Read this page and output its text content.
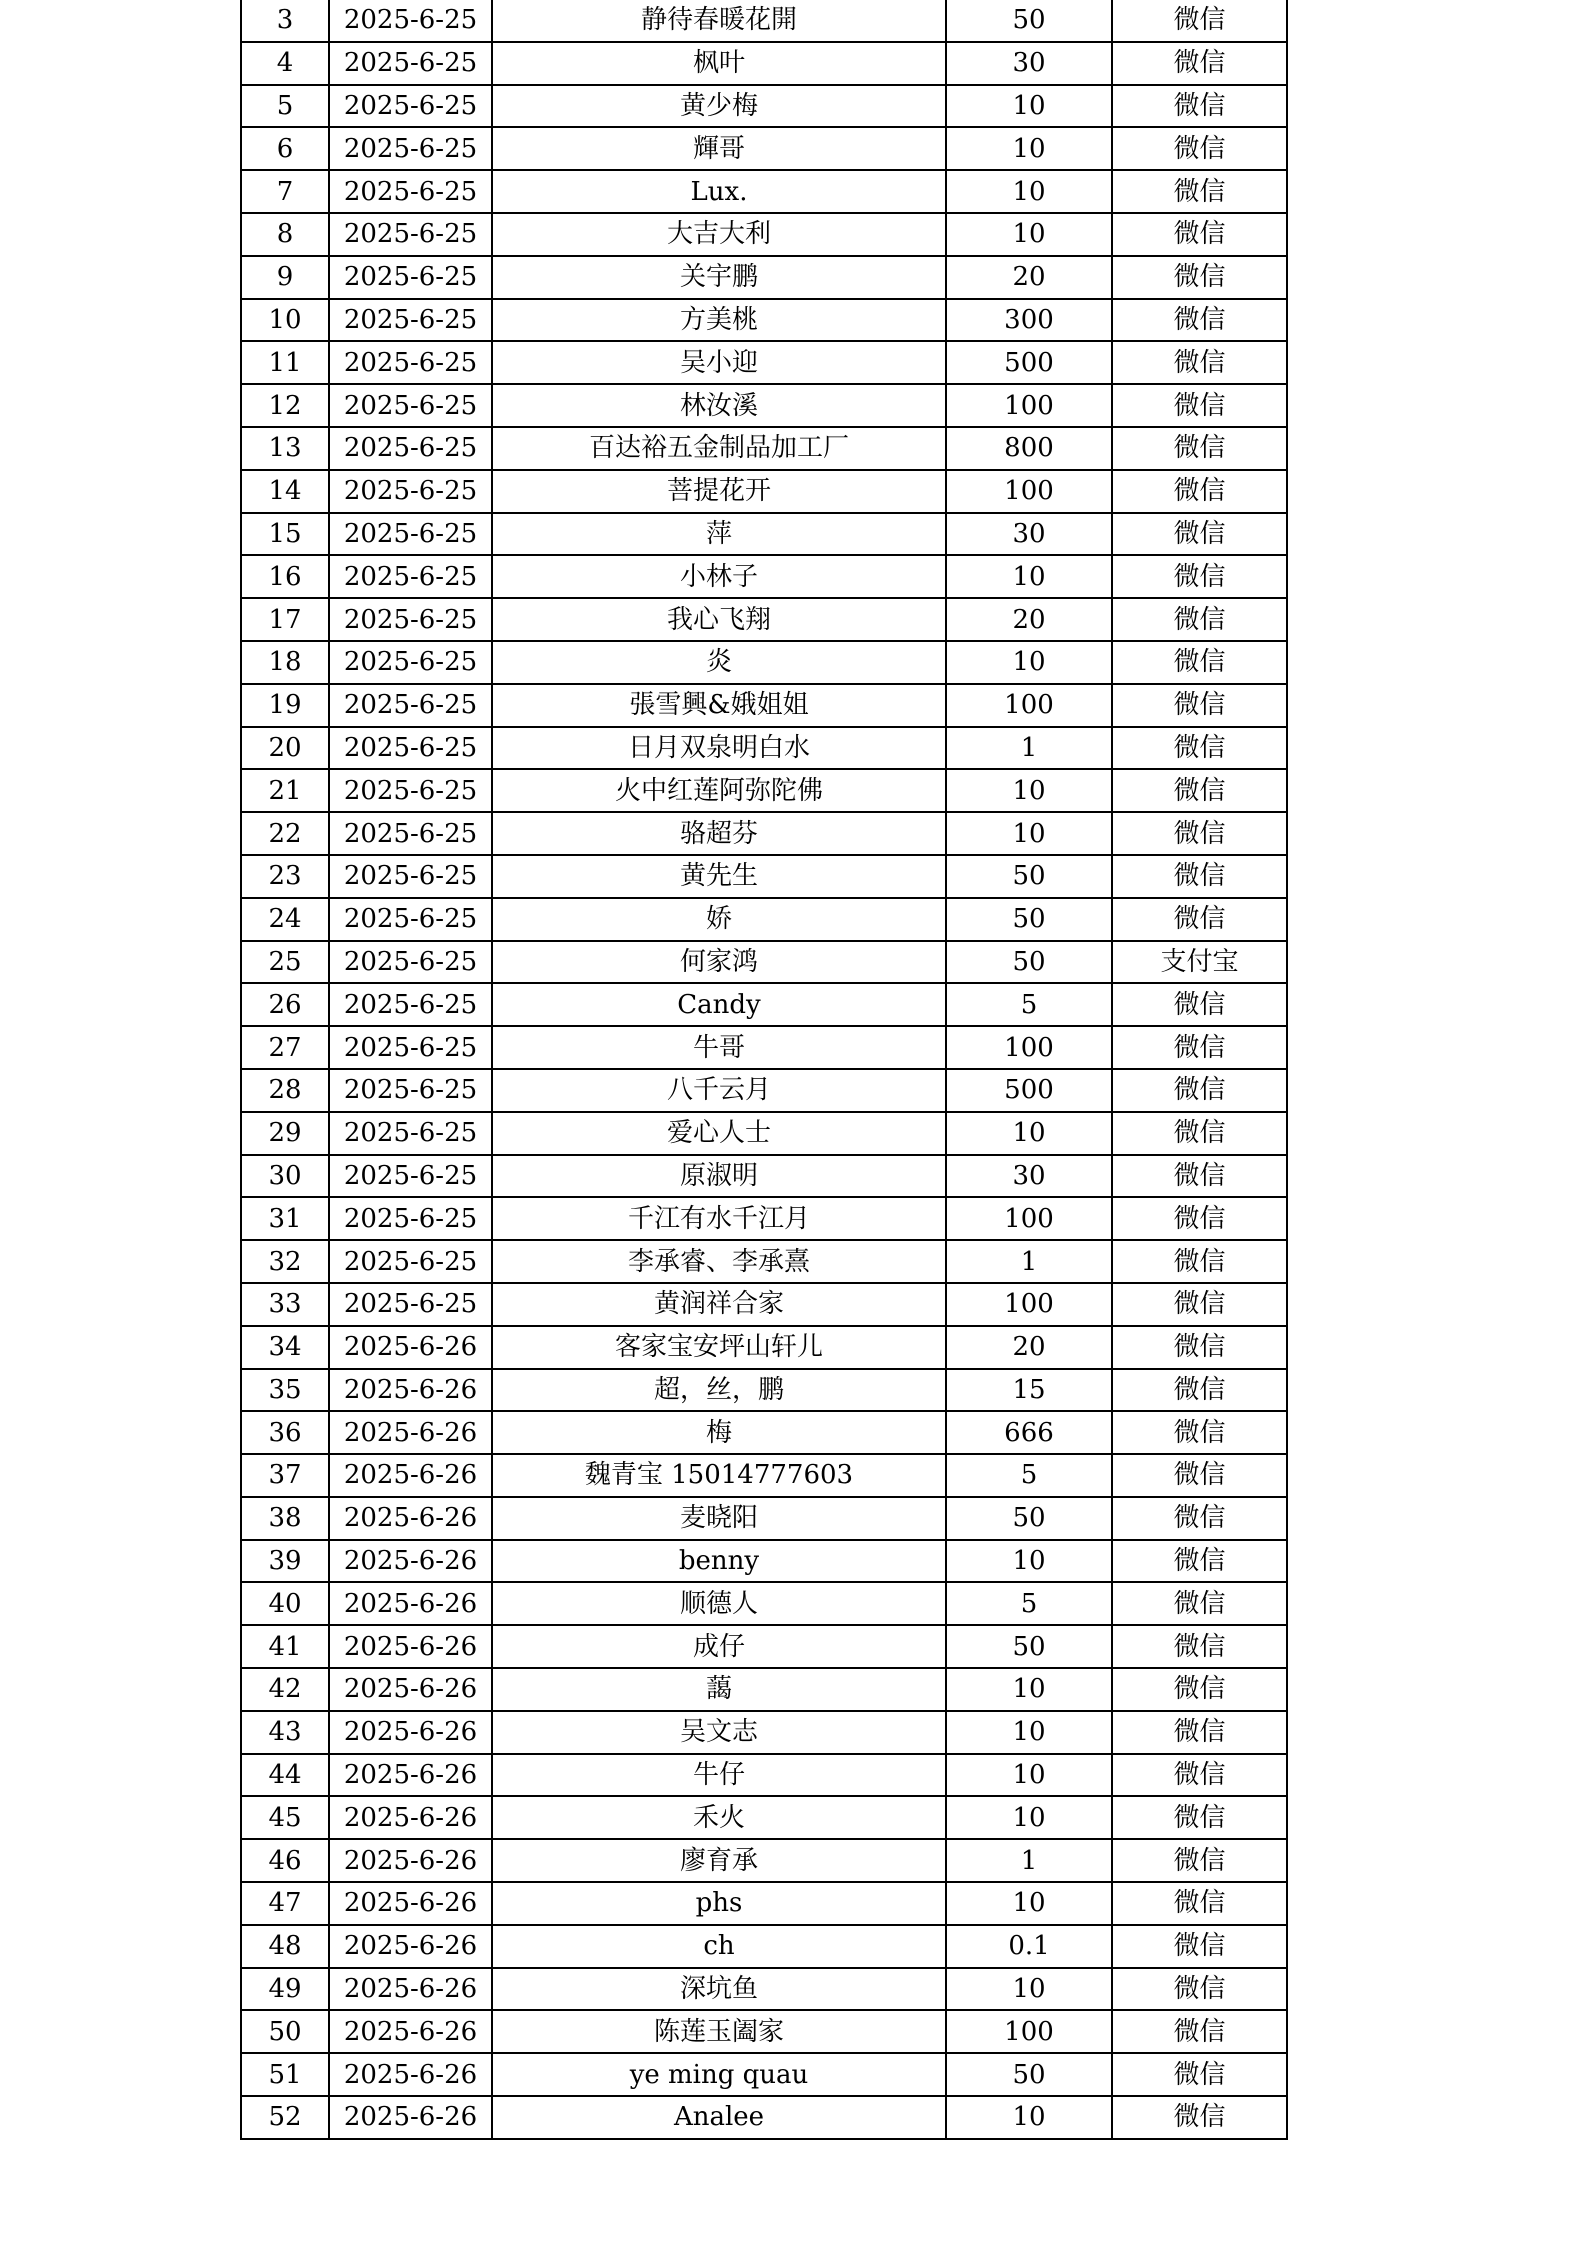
3	2025-6-25	静待春暖花開	50	微信
4	2025-6-25	枫叶	30	微信
5	2025-6-25	黄少梅	10	微信
6	2025-6-25	輝哥	10	微信
7	2025-6-25	Lux.	10	微信
8	2025-6-25	大吉大利	10	微信
9	2025-6-25	关宇鹏	20	微信
10	2025-6-25	方美桃	300	微信
11	2025-6-25	吴小迎	500	微信
12	2025-6-25	林汝溪	100	微信
13	2025-6-25	百达裕五金制品加工厂	800	微信
14	2025-6-25	菩提花开	100	微信
15	2025-6-25	萍	30	微信
16	2025-6-25	小林子	10	微信
17	2025-6-25	我心飞翔	20	微信
18	2025-6-25	炎	10	微信
19	2025-6-25	張雪興&娥姐姐	100	微信
20	2025-6-25	日月双泉明白水	1	微信
21	2025-6-25	火中红莲阿弥陀佛	10	微信
22	2025-6-25	骆超芬	10	微信
23	2025-6-25	黄先生	50	微信
24	2025-6-25	娇	50	微信
25	2025-6-25	何家鸿	50	支付宝
26	2025-6-25	Candy	5	微信
27	2025-6-25	牛哥	100	微信
28	2025-6-25	八千云月	500	微信
29	2025-6-25	爱心人士	10	微信
30	2025-6-25	原淑明	30	微信
31	2025-6-25	千江有水千江月	100	微信
32	2025-6-25	李承睿、李承熹	1	微信
33	2025-6-25	黄润祥合家	100	微信
34	2025-6-26	客家宝安坪山轩儿	20	微信
35	2025-6-26	超，丝，鹏	15	微信
36	2025-6-26	梅	666	微信
37	2025-6-26	魏青宝 15014777603	5	微信
38	2025-6-26	麦晓阳	50	微信
39	2025-6-26	benny	10	微信
40	2025-6-26	顺德人	5	微信
41	2025-6-26	成仔	50	微信
42	2025-6-26	藹	10	微信
43	2025-6-26	吴文志	10	微信
44	2025-6-26	牛仔	10	微信
45	2025-6-26	禾火	10	微信
46	2025-6-26	廖育承	1	微信
47	2025-6-26	phs	10	微信
48	2025-6-26	ch	0.1	微信
49	2025-6-26	深坑鱼	10	微信
50	2025-6-26	陈莲玉阖家	100	微信
51	2025-6-26	ye ming quau	50	微信
52	2025-6-26	Analee	10	微信
